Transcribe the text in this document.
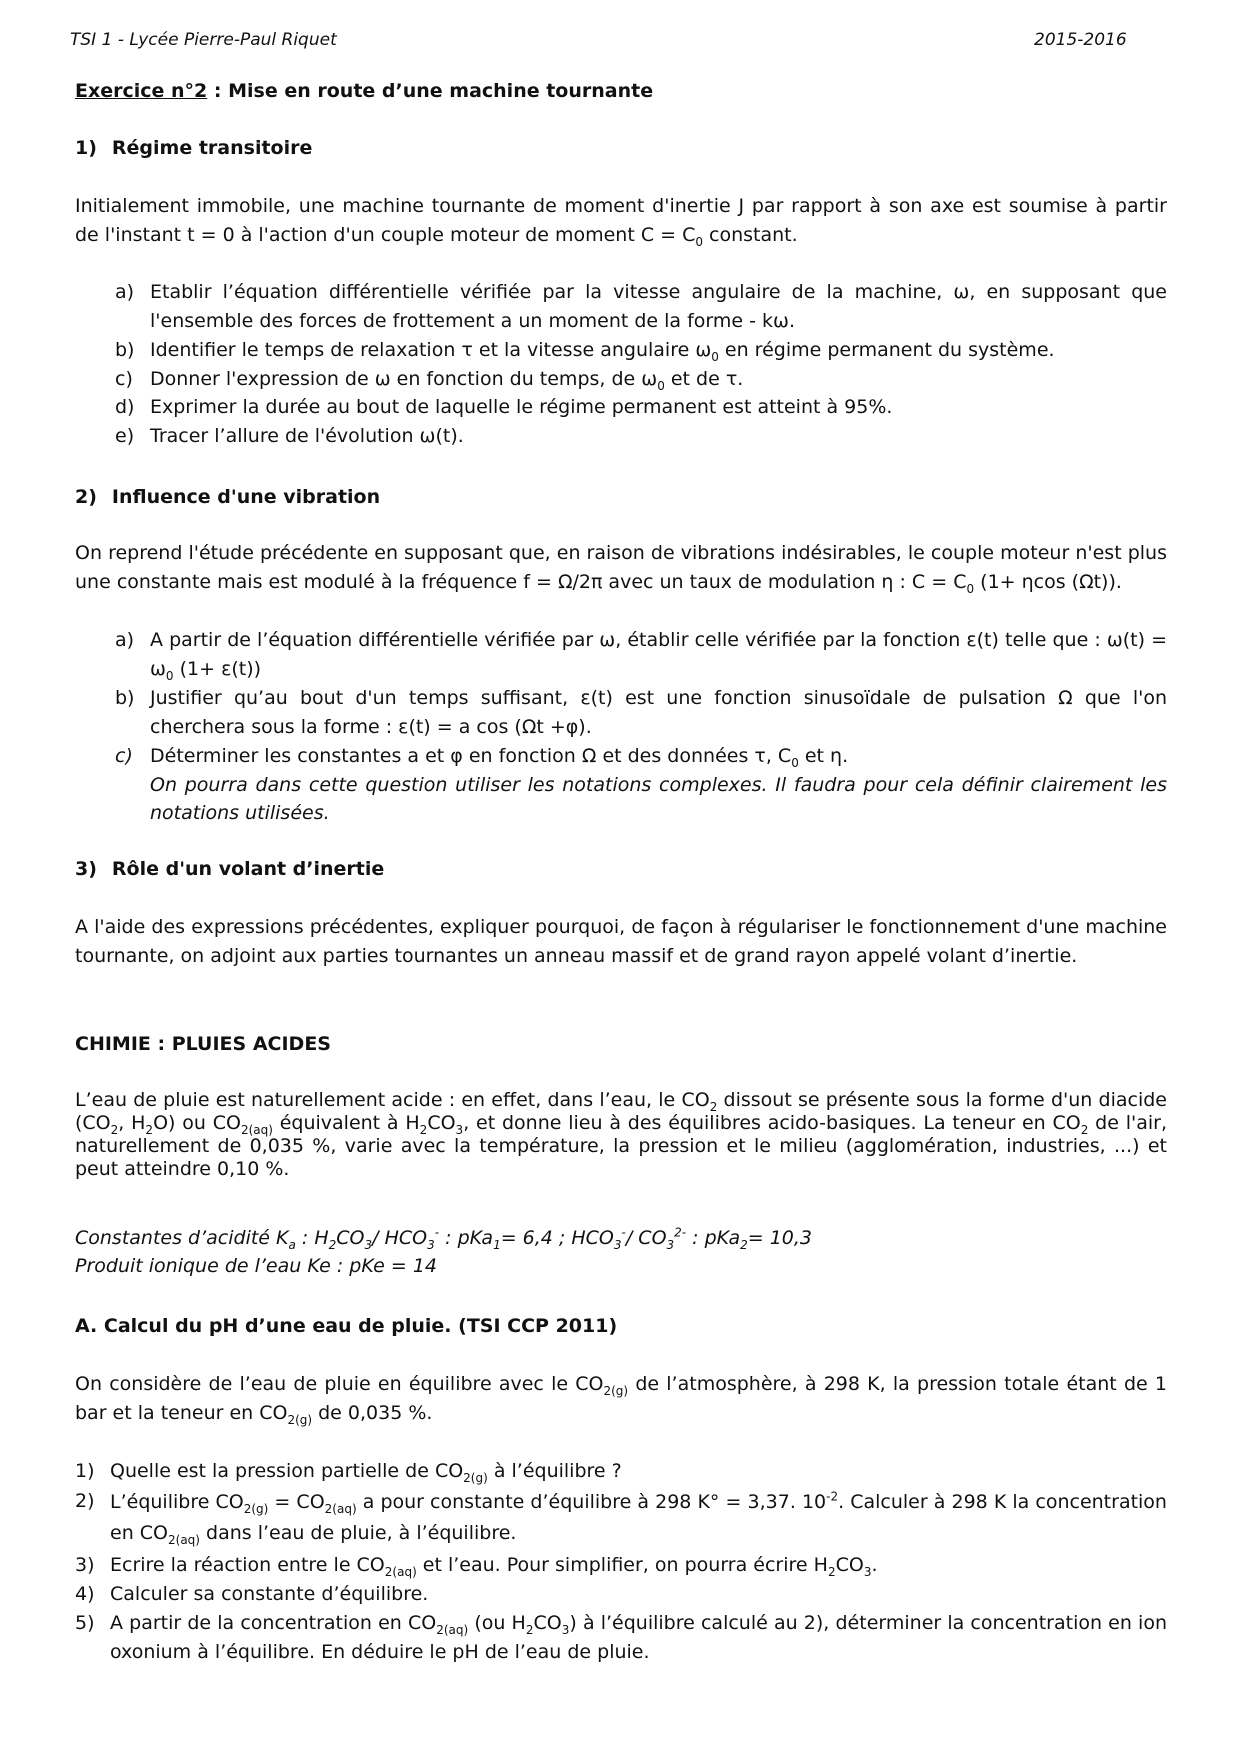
TSI 1 - Lycée Pierre-Paul Riquet	2015-2016
Exercice n°2 : Mise en route d’une machine tournante
1) Régime transitoire
Initialement immobile, une machine tournante de moment d'inertie J par rapport à son axe est soumise à partir de l'instant t = 0 à l'action d'un couple moteur de moment $C = C_0$ constant.
a) Etablir l’équation différentielle vérifiée par la vitesse angulaire de la machine, ω, en supposant que l'ensemble des forces de frottement a un moment de la forme - kω.
b) Identifier le temps de relaxation τ et la vitesse angulaire $\omega_0$ en régime permanent du système.
c) Donner l'expression de ω en fonction du temps, de $\omega_0$ et de τ.
d) Exprimer la durée au bout de laquelle le régime permanent est atteint à 95%.
e) Tracer l’allure de l'évolution ω(t).
2) Influence d'une vibration
On reprend l'étude précédente en supposant que, en raison de vibrations indésirables, le couple moteur n'est plus une constante mais est modulé à la fréquence f = Ω/2π avec un taux de modulation η : $C = C_0$ (1+ ηcos (Ωt)).
a) A partir de l’équation différentielle vérifiée par ω, établir celle vérifiée par la fonction ε(t) telle que : $\omega(t) = \omega_0$ (1+ ε(t))
b) Justifier qu’au bout d'un temps suffisant, ε(t) est une fonction sinusoïdale de pulsation Ω que l'on cherchera sous la forme : ε(t) = a cos (Ωt +φ).
c) Déterminer les constantes a et φ en fonction Ω et des données τ, $C_0$ et η.
On pourra dans cette question utiliser les notations complexes. Il faudra pour cela définir clairement les notations utilisées.
3) Rôle d'un volant d’inertie
A l'aide des expressions précédentes, expliquer pourquoi, de façon à régulariser le fonctionnement d'une machine tournante, on adjoint aux parties tournantes un anneau massif et de grand rayon appelé volant d’inertie.
CHIMIE : PLUIES ACIDES
L’eau de pluie est naturellement acide : en effet, dans l’eau, le $CO_2$ dissout se présente sous la forme d'un diacide ($CO_2$, $H_2O$) ou $CO_{2(aq)}$ équivalent à $H_2CO_3$, et donne lieu à des équilibres acido-basiques. La teneur en $CO_2$ de l'air, naturellement de 0,035 %, varie avec la température, la pression et le milieu (agglomération, industries, ...) et peut atteindre 0,10 %.
Constantes d’acidité $K_a$ : $H_2CO_3/$ $HCO_3^-$ : pKa$_1$= 6,4 ; $HCO_3^-/$ $CO_3^{2-}$ : pKa$_2$= 10,3
Produit ionique de l’eau Ke : pKe = 14
A. Calcul du pH d’une eau de pluie. (TSI CCP 2011)
On considère de l’eau de pluie en équilibre avec le $CO_{2(g)}$ de l’atmosphère, à 298 K, la pression totale étant de 1 bar et la teneur en $CO_{2(g)}$ de 0,035 %.
1) Quelle est la pression partielle de $CO_{2(g)}$ à l’équilibre ?
2) L’équilibre $CO_{2(g)} = CO_{2(aq)}$ a pour constante d’équilibre à 298 K° = 3,37. $10^{-2}$. Calculer à 298 K la concentration en $CO_{2(aq)}$ dans l’eau de pluie, à l’équilibre.
3) Ecrire la réaction entre le $CO_{2(aq)}$ et l’eau. Pour simplifier, on pourra écrire $H_2CO_3$.
4) Calculer sa constante d’équilibre.
5) A partir de la concentration en $CO_{2(aq)}$ (ou $H_2CO_3$) à l’équilibre calculé au 2), déterminer la concentration en ion oxonium à l’équilibre. En déduire le pH de l’eau de pluie.
